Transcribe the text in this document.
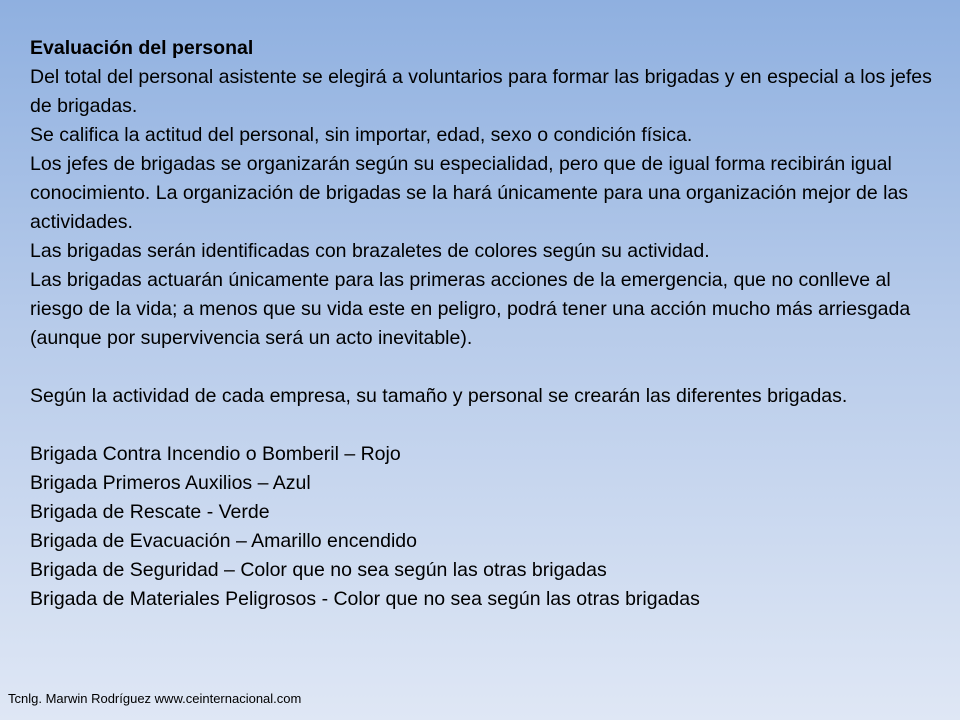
Evaluación del personal

Del total del personal asistente se elegirá a voluntarios para formar las brigadas y en especial a los jefes de brigadas.

Se califica la actitud del personal, sin importar, edad, sexo o condición física.

Los jefes de brigadas se organizarán según su especialidad, pero que de igual forma recibirán igual conocimiento. La organización de brigadas se la hará únicamente para una organización mejor de las actividades.

Las brigadas serán identificadas con brazaletes de colores según su actividad.

Las brigadas actuarán únicamente para las primeras acciones de la emergencia, que no conlleve al riesgo de la vida; a menos que su vida este en peligro, podrá tener una acción mucho más arriesgada (aunque por supervivencia será un acto inevitable).

Según la actividad de cada empresa, su tamaño y personal se crearán las diferentes brigadas.

Brigada Contra Incendio o Bomberil – Rojo

Brigada Primeros Auxilios – Azul

Brigada de Rescate - Verde

Brigada de Evacuación – Amarillo encendido

Brigada de Seguridad – Color que no sea según las otras brigadas

Brigada de Materiales Peligrosos - Color que no sea según las otras brigadas

Tcnlg. Marwin Rodríguez www.ceinternacional.com
